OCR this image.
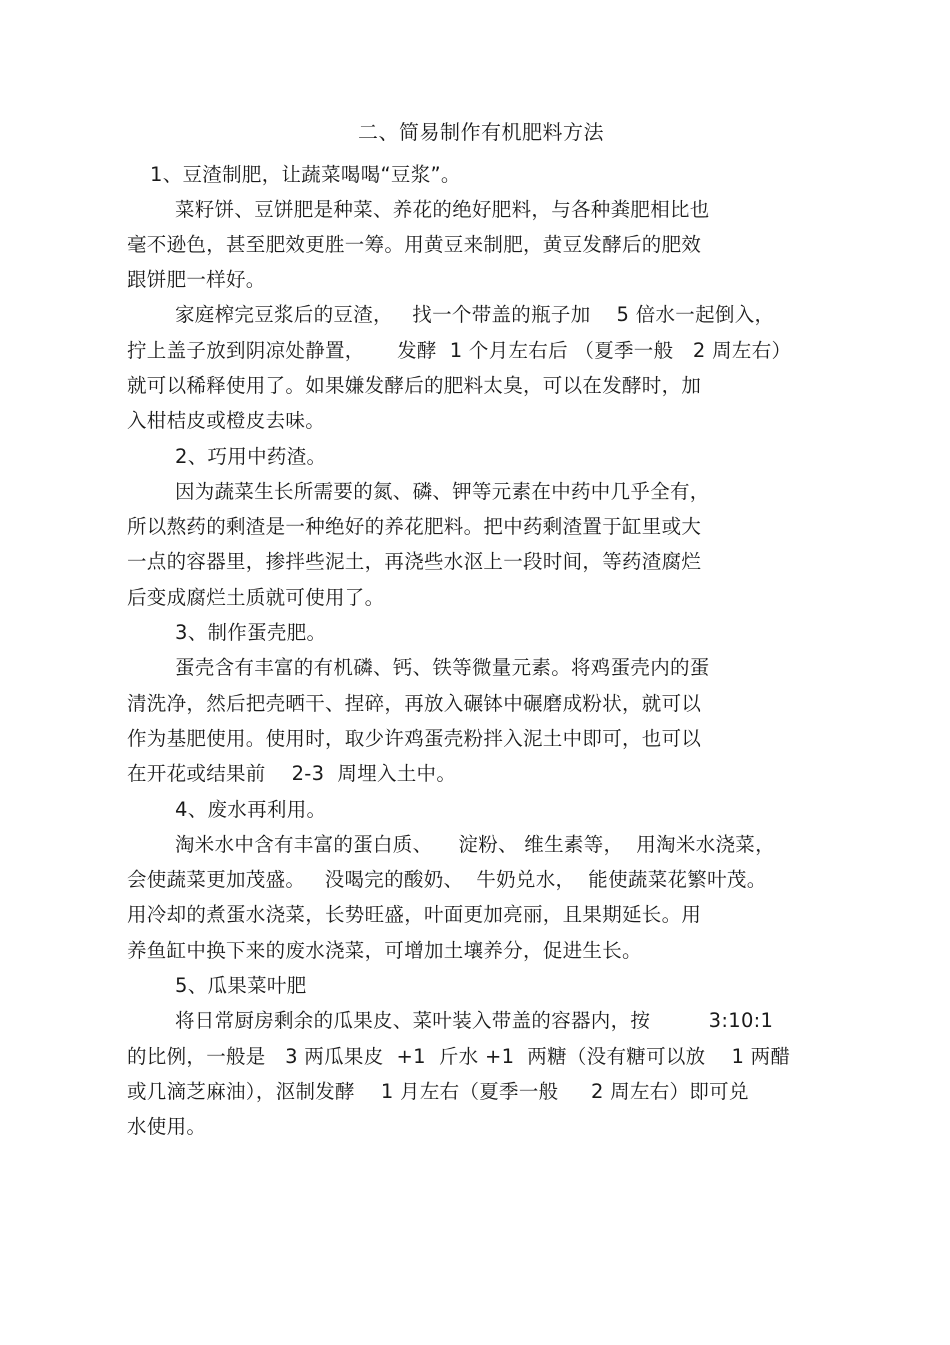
二、简易制作有机肥料方法
1、豆渣制肥，让蔬菜喝喝“豆浆”。
菜籽饼、豆饼肥是种菜、养花的绝好肥料，与各种粪肥相比也
毫不逊色，甚至肥效更胜一筹。用黄豆来制肥，黄豆发酵后的肥效
跟饼肥一样好。
家庭榨完豆浆后的豆渣，   找一个带盖的瓶子加    5 倍水一起倒入，
拧上盖子放到阴凉处静置，     发酵  1 个月左右后 （夏季一般   2 周左右）
就可以稀释使用了。如果嫌发酵后的肥料太臭，可以在发酵时，加
入柑桔皮或橙皮去味。
2、巧用中药渣。
因为蔬菜生长所需要的氮、磷、钾等元素在中药中几乎全有，
所以熬药的剩渣是一种绝好的养花肥料。把中药剩渣置于缸里或大
一点的容器里，掺拌些泥土，再浇些水沤上一段时间，等药渣腐烂
后变成腐烂土质就可使用了。
3、制作蛋壳肥。
蛋壳含有丰富的有机磷、钙、铁等微量元素。将鸡蛋壳内的蛋
清洗净，然后把壳晒干、捏碎，再放入碾钵中碾磨成粉状，就可以
作为基肥使用。使用时，取少许鸡蛋壳粉拌入泥土中即可，也可以
在开花或结果前    2-3  周埋入土中。
4、废水再利用。
淘米水中含有丰富的蛋白质、    淀粉、 维生素等，  用淘米水浇菜，
会使蔬菜更加茂盛。   没喝完的酸奶、  牛奶兑水，  能使蔬菜花繁叶茂。
用冷却的煮蛋水浇菜，长势旺盛，叶面更加亮丽，且果期延长。用
养鱼缸中换下来的废水浇菜，可增加土壤养分，促进生长。
5、瓜果菜叶肥
将日常厨房剩余的瓜果皮、菜叶装入带盖的容器内，按         3:10:1
的比例，一般是   3 两瓜果皮  +1  斤水 +1  两糖（没有糖可以放    1 两醋
或几滴芝麻油），沤制发酵    1 月左右（夏季一般     2 周左右）即可兑
水使用。
